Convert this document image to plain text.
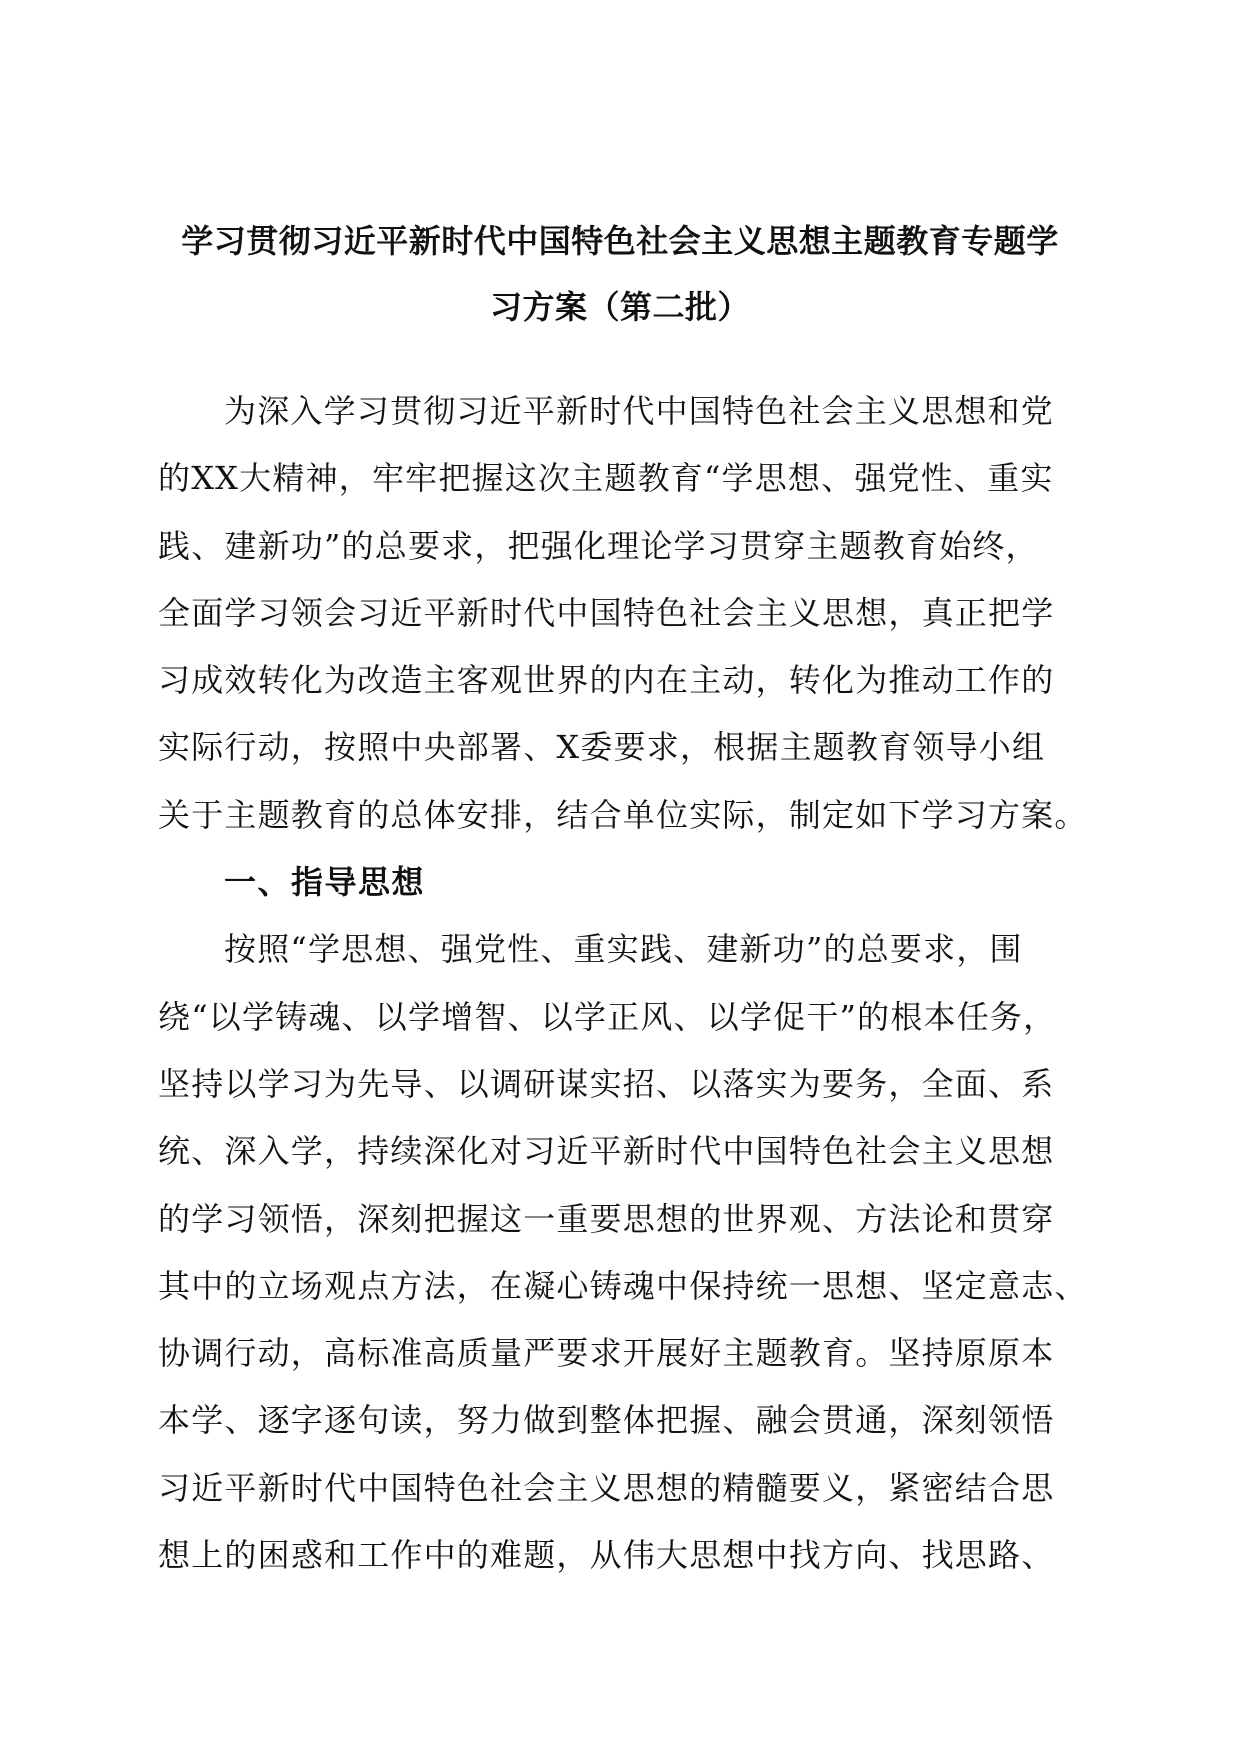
学习贯彻习近平新时代中国特色社会主义思想主题教育专题学
习方案（第二批）
为深入学习贯彻习近平新时代中国特色社会主义思想和党
的XX大精神，牢牢把握这次主题教育“学思想、强党性、重实
践、建新功”的总要求，把强化理论学习贯穿主题教育始终，
全面学习领会习近平新时代中国特色社会主义思想，真正把学
习成效转化为改造主客观世界的内在主动，转化为推动工作的
实际行动，按照中央部署、X委要求，根据主题教育领导小组
关于主题教育的总体安排，结合单位实际，制定如下学习方案。
一、指导思想
按照“学思想、强党性、重实践、建新功”的总要求，围
绕“以学铸魂、以学增智、以学正风、以学促干”的根本任务，
坚持以学习为先导、以调研谋实招、以落实为要务，全面、系
统、深入学，持续深化对习近平新时代中国特色社会主义思想
的学习领悟，深刻把握这一重要思想的世界观、方法论和贯穿
其中的立场观点方法，在凝心铸魂中保持统一思想、坚定意志、
协调行动，高标准高质量严要求开展好主题教育。坚持原原本
本学、逐字逐句读，努力做到整体把握、融会贯通，深刻领悟
习近平新时代中国特色社会主义思想的精髓要义，紧密结合思
想上的困惑和工作中的难题，从伟大思想中找方向、找思路、
